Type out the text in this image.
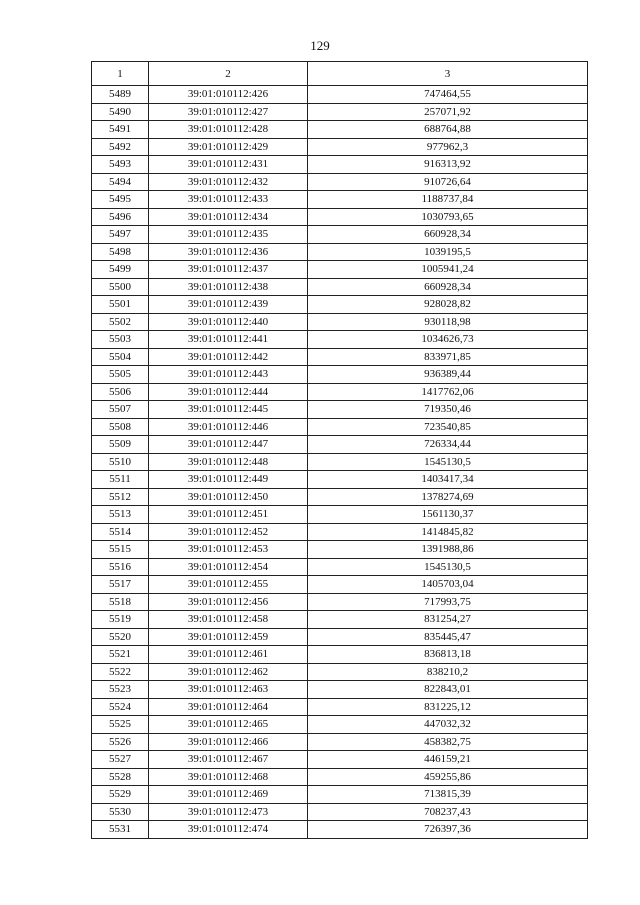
129
1	2	3
5489	39:01:010112:426	747464,55
5490	39:01:010112:427	257071,92
5491	39:01:010112:428	688764,88
5492	39:01:010112:429	977962,3
5493	39:01:010112:431	916313,92
5494	39:01:010112:432	910726,64
5495	39:01:010112:433	1188737,84
5496	39:01:010112:434	1030793,65
5497	39:01:010112:435	660928,34
5498	39:01:010112:436	1039195,5
5499	39:01:010112:437	1005941,24
5500	39:01:010112:438	660928,34
5501	39:01:010112:439	928028,82
5502	39:01:010112:440	930118,98
5503	39:01:010112:441	1034626,73
5504	39:01:010112:442	833971,85
5505	39:01:010112:443	936389,44
5506	39:01:010112:444	1417762,06
5507	39:01:010112:445	719350,46
5508	39:01:010112:446	723540,85
5509	39:01:010112:447	726334,44
5510	39:01:010112:448	1545130,5
5511	39:01:010112:449	1403417,34
5512	39:01:010112:450	1378274,69
5513	39:01:010112:451	1561130,37
5514	39:01:010112:452	1414845,82
5515	39:01:010112:453	1391988,86
5516	39:01:010112:454	1545130,5
5517	39:01:010112:455	1405703,04
5518	39:01:010112:456	717993,75
5519	39:01:010112:458	831254,27
5520	39:01:010112:459	835445,47
5521	39:01:010112:461	836813,18
5522	39:01:010112:462	838210,2
5523	39:01:010112:463	822843,01
5524	39:01:010112:464	831225,12
5525	39:01:010112:465	447032,32
5526	39:01:010112:466	458382,75
5527	39:01:010112:467	446159,21
5528	39:01:010112:468	459255,86
5529	39:01:010112:469	713815,39
5530	39:01:010112:473	708237,43
5531	39:01:010112:474	726397,36
